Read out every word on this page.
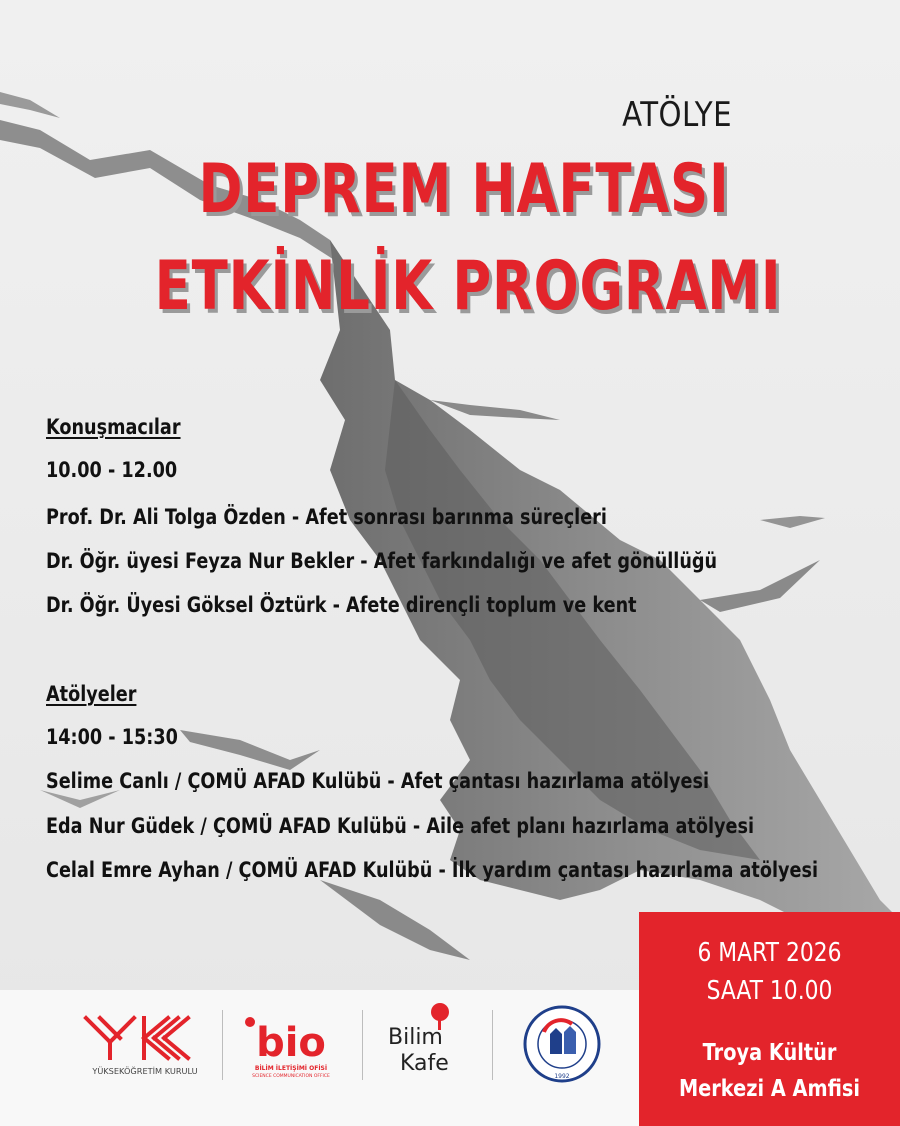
ATÖLYE
DEPREM HAFTASI
ETKİNLİK PROGRAMI
Konuşmacılar
10.00 - 12.00
Prof. Dr. Ali Tolga Özden - Afet sonrası barınma süreçleri
Dr. Öğr. üyesi Feyza Nur Bekler - Afet farkındalığı ve afet gönüllüğü
Dr. Öğr. Üyesi Göksel Öztürk - Afete dirençli toplum ve kent
Atölyeler
14:00 - 15:30
Selime Canlı / ÇOMÜ AFAD Kulübü - Afet çantası hazırlama atölyesi
Eda Nur Güdek / ÇOMÜ AFAD Kulübü - Aile afet planı hazırlama atölyesi
Celal Emre Ayhan / ÇOMÜ AFAD Kulübü - İlk yardım çantası hazırlama atölyesi
YÜKSEKÖĞRETİM KURULU
bio
BİLİM İLETİŞİMİ OFİSİ
SCIENCE COMMUNICATION OFFICE
Bilim
Kafe
1992
6 MART 2026
SAAT 10.00
Troya Kültür
Merkezi A Amfisi
